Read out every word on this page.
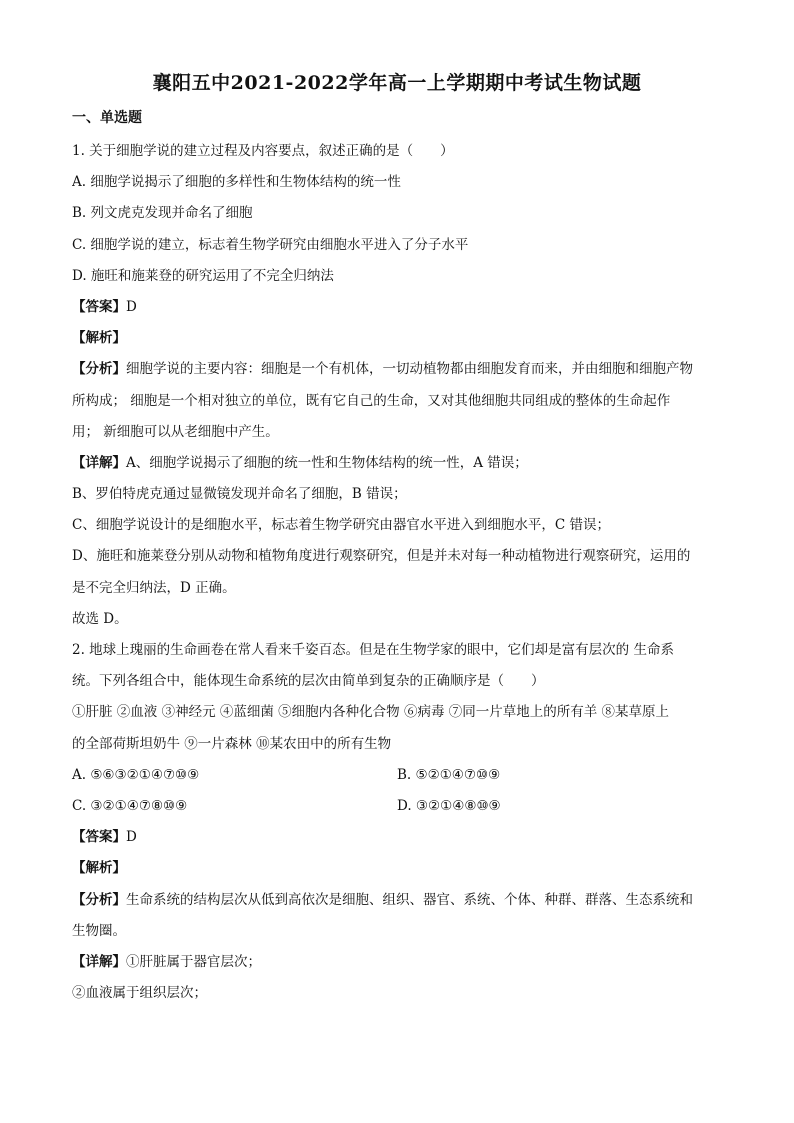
襄阳五中2021-2022学年高一上学期期中考试生物试题
一、单选题
1. 关于细胞学说的建立过程及内容要点，叙述正确的是（　　）
A. 细胞学说揭示了细胞的多样性和生物体结构的统一性
B. 列文虎克发现并命名了细胞
C. 细胞学说的建立，标志着生物学研究由细胞水平进入了分子水平
D. 施旺和施莱登的研究运用了不完全归纳法
【答案】D
【解析】
【分析】细胞学说的主要内容：细胞是一个有机体，一切动植物都由细胞发育而来，并由细胞和细胞产物
所构成； 细胞是一个相对独立的单位，既有它自己的生命，又对其他细胞共同组成的整体的生命起作
用； 新细胞可以从老细胞中产生。
【详解】A、细胞学说揭示了细胞的统一性和生物体结构的统一性，A 错误；
B、罗伯特虎克通过显微镜发现并命名了细胞，B 错误；
C、细胞学说设计的是细胞水平，标志着生物学研究由器官水平进入到细胞水平，C 错误；
D、施旺和施莱登分别从动物和植物角度进行观察研究，但是并未对每一种动植物进行观察研究，运用的
是不完全归纳法，D 正确。
故选 D。
2. 地球上瑰丽的生命画卷在常人看来千姿百态。但是在生物学家的眼中，它们却是富有层次的 生命系
统。下列各组合中，能体现生命系统的层次由简单到复杂的正确顺序是（　　）
①肝脏 ②血液 ③神经元 ④蓝细菌 ⑤细胞内各种化合物 ⑥病毒 ⑦同一片草地上的所有羊 ⑧某草原上
的全部荷斯坦奶牛 ⑨一片森林 ⑩某农田中的所有生物
A. ⑤⑥③②①④⑦⑩⑨	B. ⑤②①④⑦⑩⑨
C. ③②①④⑦⑧⑩⑨	D. ③②①④⑧⑩⑨
【答案】D
【解析】
【分析】生命系统的结构层次从低到高依次是细胞、组织、器官、系统、个体、种群、群落、生态系统和
生物圈。
【详解】①肝脏属于器官层次；
②血液属于组织层次；
